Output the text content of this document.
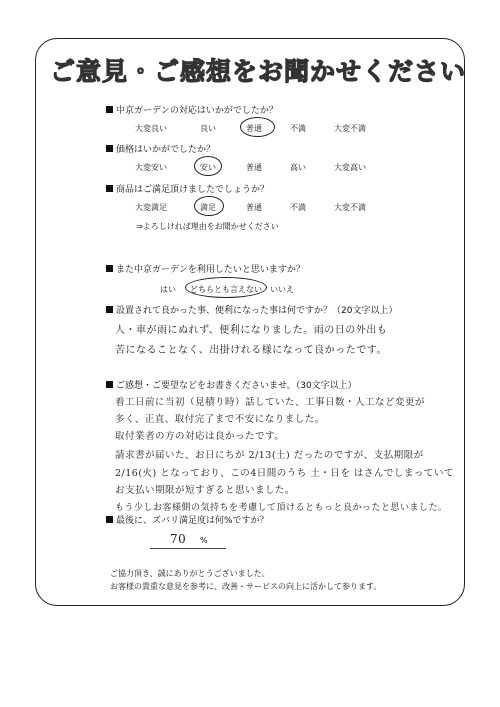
ご意見・ご感想をお聞かせください
中京ガーデンの対応はいかがでしたか？
大変良い	良い	普通	不満	大変不満
価格はいかがでしたか？
大変安い	安い	普通	高い	大変高い
商品はご満足頂けましたでしょうか？
大変満足	満足	普通	不満	大変不満
⇒よろしければ理由をお聞かせください
また中京ガーデンを利用したいと思いますか？
はい どちらとも言えない いいえ
設置されて良かった事、便利になった事は何ですか？（20文字以上）
人・車が雨にぬれず、便利になりました。雨の日の外出も
苦になることなく、出掛けれる様になって良かったです。
ご感想・ご要望などをお書きくださいませ。（30文字以上）
着工日前に当初（見積り時）話していた、工事日数・人工など変更が
多く、正直、取付完了まで不安になりました。
取付業者の方の対応は良かったです。
請求書が届いた、お日にちが 2/13(土) だったのですが、支払期限が
2/16(火) となっており、この4日間のうち 土・日を はさんでしまっていて
お支払い期限が短すぎると思いました。
もう少しお客様側の気持ちを考慮して頂けるともっと良かったと思いました。
最後に、ズバリ満足度は何%ですか？
70 %
ご協力頂き、誠にありがとうございました。
お客様の貴重な意見を参考に、改善・サービスの向上に活かして参ります。
